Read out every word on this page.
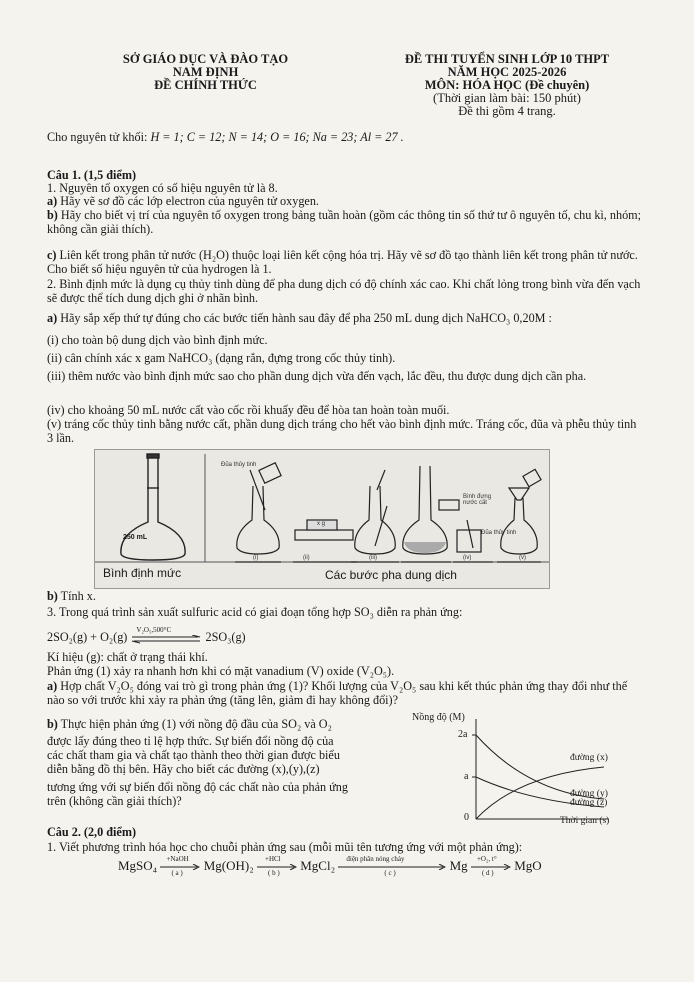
SỞ GIÁO DỤC VÀ ĐÀO TẠO
NAM ĐỊNH
ĐỀ CHÍNH THỨC
ĐỀ THI TUYỂN SINH LỚP 10 THPT
NĂM HỌC 2025-2026
MÔN: HÓA HỌC (Đề chuyên)
(Thời gian làm bài: 150 phút)
Đề thi gồm 4 trang.
Cho nguyên tử khối: H = 1; C = 12; N = 14; O = 16; Na = 23; Al = 27 .
Câu 1. (1,5 điểm)
1. Nguyên tố oxygen có số hiệu nguyên tử là 8.
a) Hãy vẽ sơ đồ các lớp electron của nguyên tử oxygen.
b) Hãy cho biết vị trí của nguyên tố oxygen trong bảng tuần hoàn (gồm các thông tin số thứ tư ô nguyên tố, chu kì, nhóm; không cần giải thích).
c) Liên kết trong phân tử nước (H₂O) thuộc loại liên kết cộng hóa trị. Hãy vẽ sơ đồ tạo thành liên kết trong phân tử nước. Cho biết số hiệu nguyên tử của hydrogen là 1.
2. Bình định mức là dụng cụ thủy tinh dùng để pha dung dịch có độ chính xác cao. Khi chất lỏng trong bình vừa đến vạch sẽ được thể tích dung dịch ghi ở nhãn bình.
a) Hãy sắp xếp thứ tự đúng cho các bước tiến hành sau đây để pha 250 mL dung dịch NaHCO₃ 0,20M :
(i) cho toàn bộ dung dịch vào bình định mức.
(ii) cân chính xác x gam NaHCO₃ (dạng rắn, đựng trong cốc thủy tinh).
(iii) thêm nước vào bình định mức sao cho phần dung dịch vừa đến vạch, lắc đều, thu được dung dịch cần pha.
(iv) cho khoảng 50 mL nước cất vào cốc rồi khuấy đều để hòa tan hoàn toàn muối.
(v) tráng cốc thủy tinh bằng nước cất, phần dung dịch tráng cho hết vào bình định mức. Tráng cốc, đũa và phễu thủy tinh 3 lần.
250 mL
Đũa thủy tinh
Bình đựng nước cất
Đũa thủy tinh
x g
(i)	(ii)	(iii)	(iv)	(v)
Bình định mức	Các bước pha dung dịch
b) Tính x.
3. Trong quá trình sản xuất sulfuric acid có giai đoạn tổng hợp SO₃ diễn ra phản ứng:
2SO₂(g) + O₂(g) V₂O₅,500°C	2SO₃(g)
Kí hiệu (g): chất ở trạng thái khí.
Phản ứng (1) xảy ra nhanh hơn khi có mặt vanadium (V) oxide (V₂O₅).
a) Hợp chất V₂O₅ đóng vai trò gì trong phản ứng (1)? Khối lượng của V₂O₅ sau khi kết thúc phản ứng thay đổi như thế nào so với trước khi xảy ra phản ứng (tăng lên, giảm đi hay không đổi)?
b) Thực hiện phản ứng (1) với nồng độ đầu của SO₂ và O₂
được lấy đúng theo tỉ lệ hợp thức. Sự biến đổi nồng độ của
các chất tham gia và chất tạo thành theo thời gian được biểu
diễn bằng đồ thị bên. Hãy cho biết các đường (x),(y),(z)
tương ứng với sự biến đổi nồng độ các chất nào của phản ứng
trên (không cần giải thích)?
Nồng độ (M)
2a
a
0
đường (x)
đường (y)
đường (z)
Thời gian (s)
Câu 2. (2,0 điểm)
1. Viết phương trình hóa học cho chuỗi phản ứng sau (mỗi mũi tên tương ứng với một phản ứng):
MgSO₄ +NaOH
( a )
Mg(OH)₂ +HCl
( b )
MgCl₂ điện phân nóng chảy
( c )
Mg +O₂, t°
( d )
MgO
